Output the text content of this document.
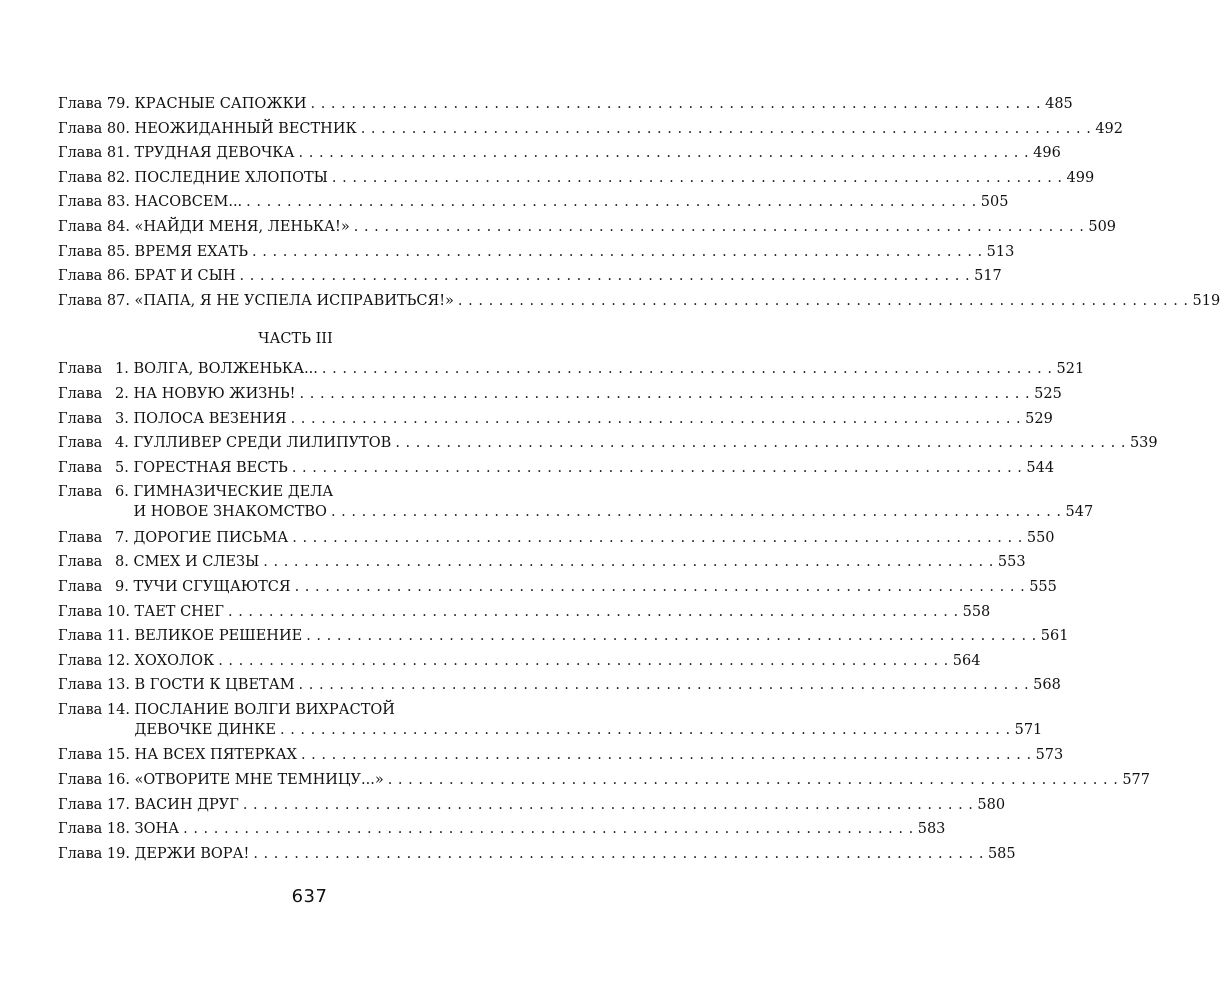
Глава 79. КРАСНЫЕ САПОЖКИ . . .	485
Глава 80. НЕОЖИДАННЫЙ ВЕСТНИК . . .	492
Глава 81. ТРУДНАЯ ДЕВОЧКА . . .	496
Глава 82. ПОСЛЕДНИЕ ХЛОПОТЫ . . .	499
Глава 83. НАСОВСЕМ... . . .	505
Глава 84. «НАЙДИ МЕНЯ, ЛЕНЬКА!» . . .	509
Глава 85. ВРЕМЯ ЕХАТЬ . . .	513
Глава 86. БРАТ И СЫН . . .	517
Глава 87. «ПАПА, Я НЕ УСПЕЛА ИСПРАВИТЬСЯ!» . . .	519
ЧАСТЬ III
Глава 1. ВОЛГА, ВОЛЖЕНЬКА... . . .	521
Глава 2. НА НОВУЮ ЖИЗНЬ! . . .	525
Глава 3. ПОЛОСА ВЕЗЕНИЯ . . .	529
Глава 4. ГУЛЛИВЕР СРЕДИ ЛИЛИПУТОВ . . .	539
Глава 5. ГОРЕСТНАЯ ВЕСТЬ . . .	544
Глава 6. ГИМНАЗИЧЕСКИЕ ДЕЛА
И НОВОЕ ЗНАКОМСТВО . . .	547
Глава 7. ДОРОГИЕ ПИСЬМА . . .	550
Глава 8. СМЕХ И СЛЕЗЫ . . .	553
Глава 9. ТУЧИ СГУЩАЮТСЯ . . .	555
Глава 10. ТАЕТ СНЕГ . . .	558
Глава 11. ВЕЛИКОЕ РЕШЕНИЕ . . .	561
Глава 12. ХОХОЛОК . . .	564
Глава 13. В ГОСТИ К ЦВЕТАМ . . .	568
Глава 14. ПОСЛАНИЕ ВОЛГИ ВИХРАСТОЙ
ДЕВОЧКЕ ДИНКЕ . . .	571
Глава 15. НА ВСЕХ ПЯТЕРКАХ . . .	573
Глава 16. «ОТВОРИТЕ МНЕ ТЕМНИЦУ...» . . .	577
Глава 17. ВАСИН ДРУГ . . .	580
Глава 18. ЗОНА . . .	583
Глава 19. ДЕРЖИ ВОРА! . . .	585
637
